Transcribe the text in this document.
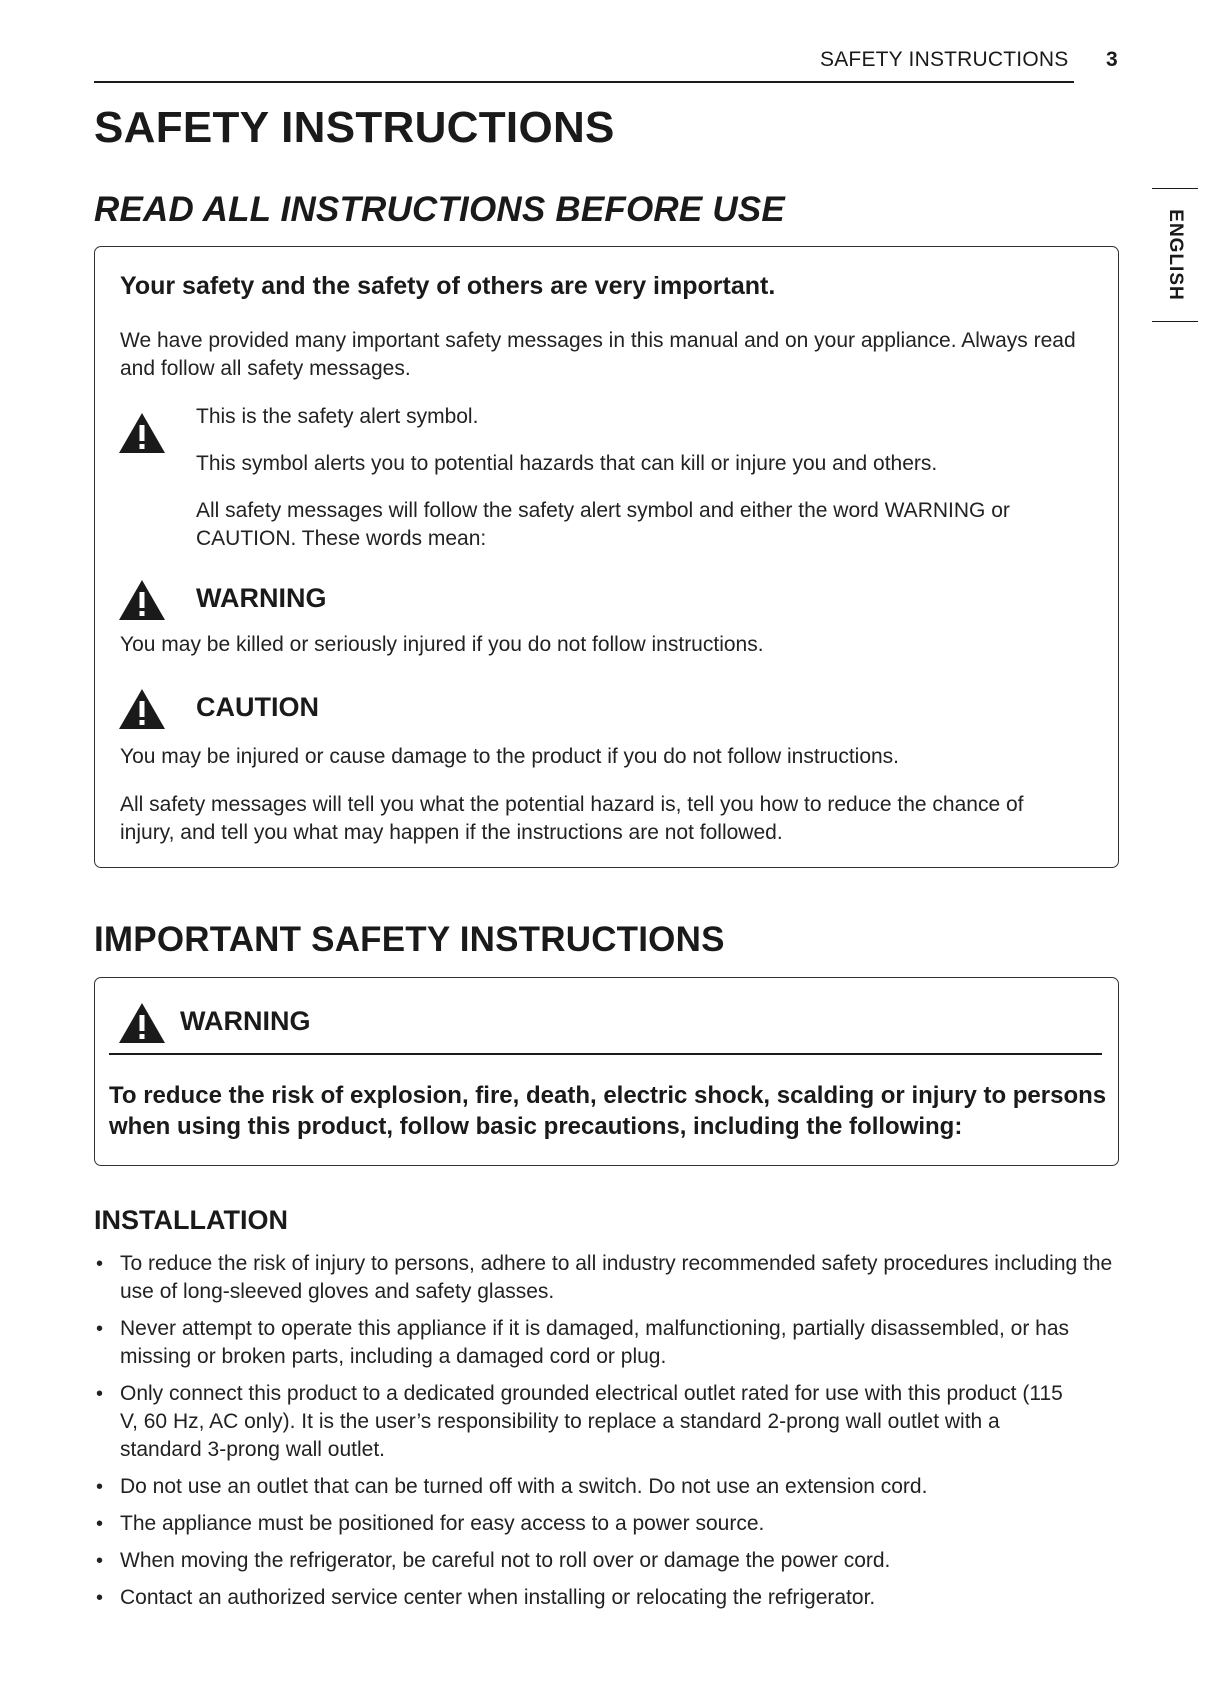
SAFETY INSTRUCTIONS 3
ENGLISH
SAFETY INSTRUCTIONS
READ ALL INSTRUCTIONS BEFORE USE
Your safety and the safety of others are very important.
We have provided many important safety messages in this manual and on your appliance. Always read and follow all safety messages.
This is the safety alert symbol.
This symbol alerts you to potential hazards that can kill or injure you and others.
All safety messages will follow the safety alert symbol and either the word WARNING or CAUTION. These words mean:
WARNING
You may be killed or seriously injured if you do not follow instructions.
CAUTION
You may be injured or cause damage to the product if you do not follow instructions.
All safety messages will tell you what the potential hazard is, tell you how to reduce the chance of injury, and tell you what may happen if the instructions are not followed.
IMPORTANT SAFETY INSTRUCTIONS
WARNING
To reduce the risk of explosion, fire, death, electric shock, scalding or injury to persons when using this product, follow basic precautions, including the following:
INSTALLATION
• To reduce the risk of injury to persons, adhere to all industry recommended safety procedures including the use of long-sleeved gloves and safety glasses.
• Never attempt to operate this appliance if it is damaged, malfunctioning, partially disassembled, or has missing or broken parts, including a damaged cord or plug.
• Only connect this product to a dedicated grounded electrical outlet rated for use with this product (115 V, 60 Hz, AC only). It is the user’s responsibility to replace a standard 2-prong wall outlet with a standard 3-prong wall outlet.
• Do not use an outlet that can be turned off with a switch. Do not use an extension cord.
• The appliance must be positioned for easy access to a power source.
• When moving the refrigerator, be careful not to roll over or damage the power cord.
• Contact an authorized service center when installing or relocating the refrigerator.
